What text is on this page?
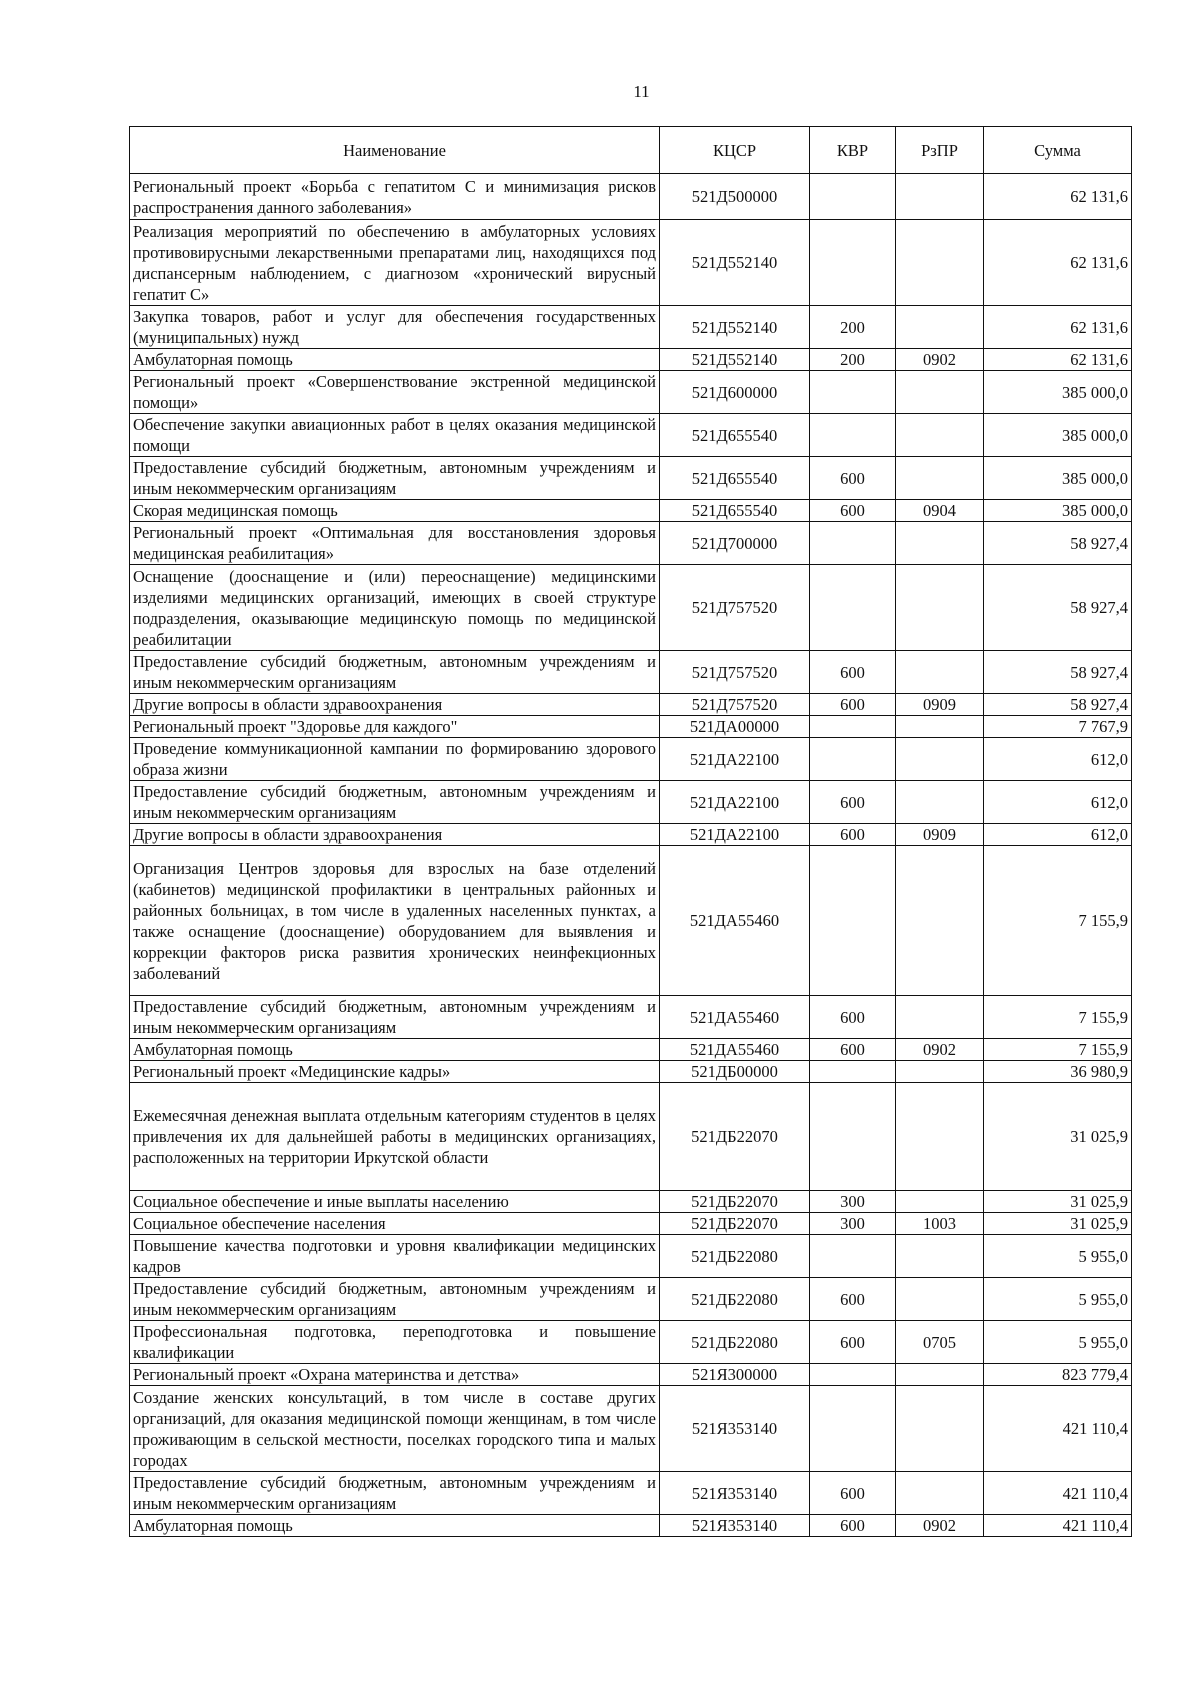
11
Наименование	КЦСР	КВР	РзПР	Сумма
Региональный проект «Борьба с гепатитом С и минимизация рисков распространения данного заболевания»	521Д500000			62 131,6
Реализация мероприятий по обеспечению в амбулаторных условиях противовирусными лекарственными препаратами лиц, находящихся под диспансерным наблюдением, с диагнозом «хронический вирусный гепатит С»	521Д552140			62 131,6
Закупка товаров, работ и услуг для обеспечения государственных (муниципальных) нужд	521Д552140	200		62 131,6
Амбулаторная помощь	521Д552140	200	0902	62 131,6
Региональный проект «Совершенствование экстренной медицинской помощи»	521Д600000			385 000,0
Обеспечение закупки авиационных работ в целях оказания медицинской помощи	521Д655540			385 000,0
Предоставление субсидий бюджетным, автономным учреждениям и иным некоммерческим организациям	521Д655540	600		385 000,0
Скорая медицинская помощь	521Д655540	600	0904	385 000,0
Региональный проект «Оптимальная для восстановления здоровья медицинская реабилитация»	521Д700000			58 927,4
Оснащение (дооснащение и (или) переоснащение) медицинскими изделиями медицинских организаций, имеющих в своей структуре подразделения, оказывающие медицинскую помощь по медицинской реабилитации	521Д757520			58 927,4
Предоставление субсидий бюджетным, автономным учреждениям и иным некоммерческим организациям	521Д757520	600		58 927,4
Другие вопросы в области здравоохранения	521Д757520	600	0909	58 927,4
Региональный проект "Здоровье для каждого"	521ДА00000			7 767,9
Проведение коммуникационной кампании по формированию здорового образа жизни	521ДА22100			612,0
Предоставление субсидий бюджетным, автономным учреждениям и иным некоммерческим организациям	521ДА22100	600		612,0
Другие вопросы в области здравоохранения	521ДА22100	600	0909	612,0
Организация Центров здоровья для взрослых на базе отделений (кабинетов) медицинской профилактики в центральных районных и районных больницах, в том числе в удаленных населенных пунктах, а также оснащение (дооснащение) оборудованием для выявления и коррекции факторов риска развития хронических неинфекционных заболеваний	521ДА55460			7 155,9
Предоставление субсидий бюджетным, автономным учреждениям и иным некоммерческим организациям	521ДА55460	600		7 155,9
Амбулаторная помощь	521ДА55460	600	0902	7 155,9
Региональный проект «Медицинские кадры»	521ДБ00000			36 980,9
Ежемесячная денежная выплата отдельным категориям студентов в целях привлечения их для дальнейшей работы в медицинских организациях, расположенных на территории Иркутской области	521ДБ22070			31 025,9
Социальное обеспечение и иные выплаты населению	521ДБ22070	300		31 025,9
Социальное обеспечение населения	521ДБ22070	300	1003	31 025,9
Повышение качества подготовки и уровня квалификации медицинских кадров	521ДБ22080			5 955,0
Предоставление субсидий бюджетным, автономным учреждениям и иным некоммерческим организациям	521ДБ22080	600		5 955,0
Профессиональная подготовка, переподготовка и повышение квалификации	521ДБ22080	600	0705	5 955,0
Региональный проект «Охрана материнства и детства»	521Я300000			823 779,4
Создание женских консультаций, в том числе в составе других организаций, для оказания медицинской помощи женщинам, в том числе проживающим в сельской местности, поселках городского типа и малых городах	521Я353140			421 110,4
Предоставление субсидий бюджетным, автономным учреждениям и иным некоммерческим организациям	521Я353140	600		421 110,4
Амбулаторная помощь	521Я353140	600	0902	421 110,4
